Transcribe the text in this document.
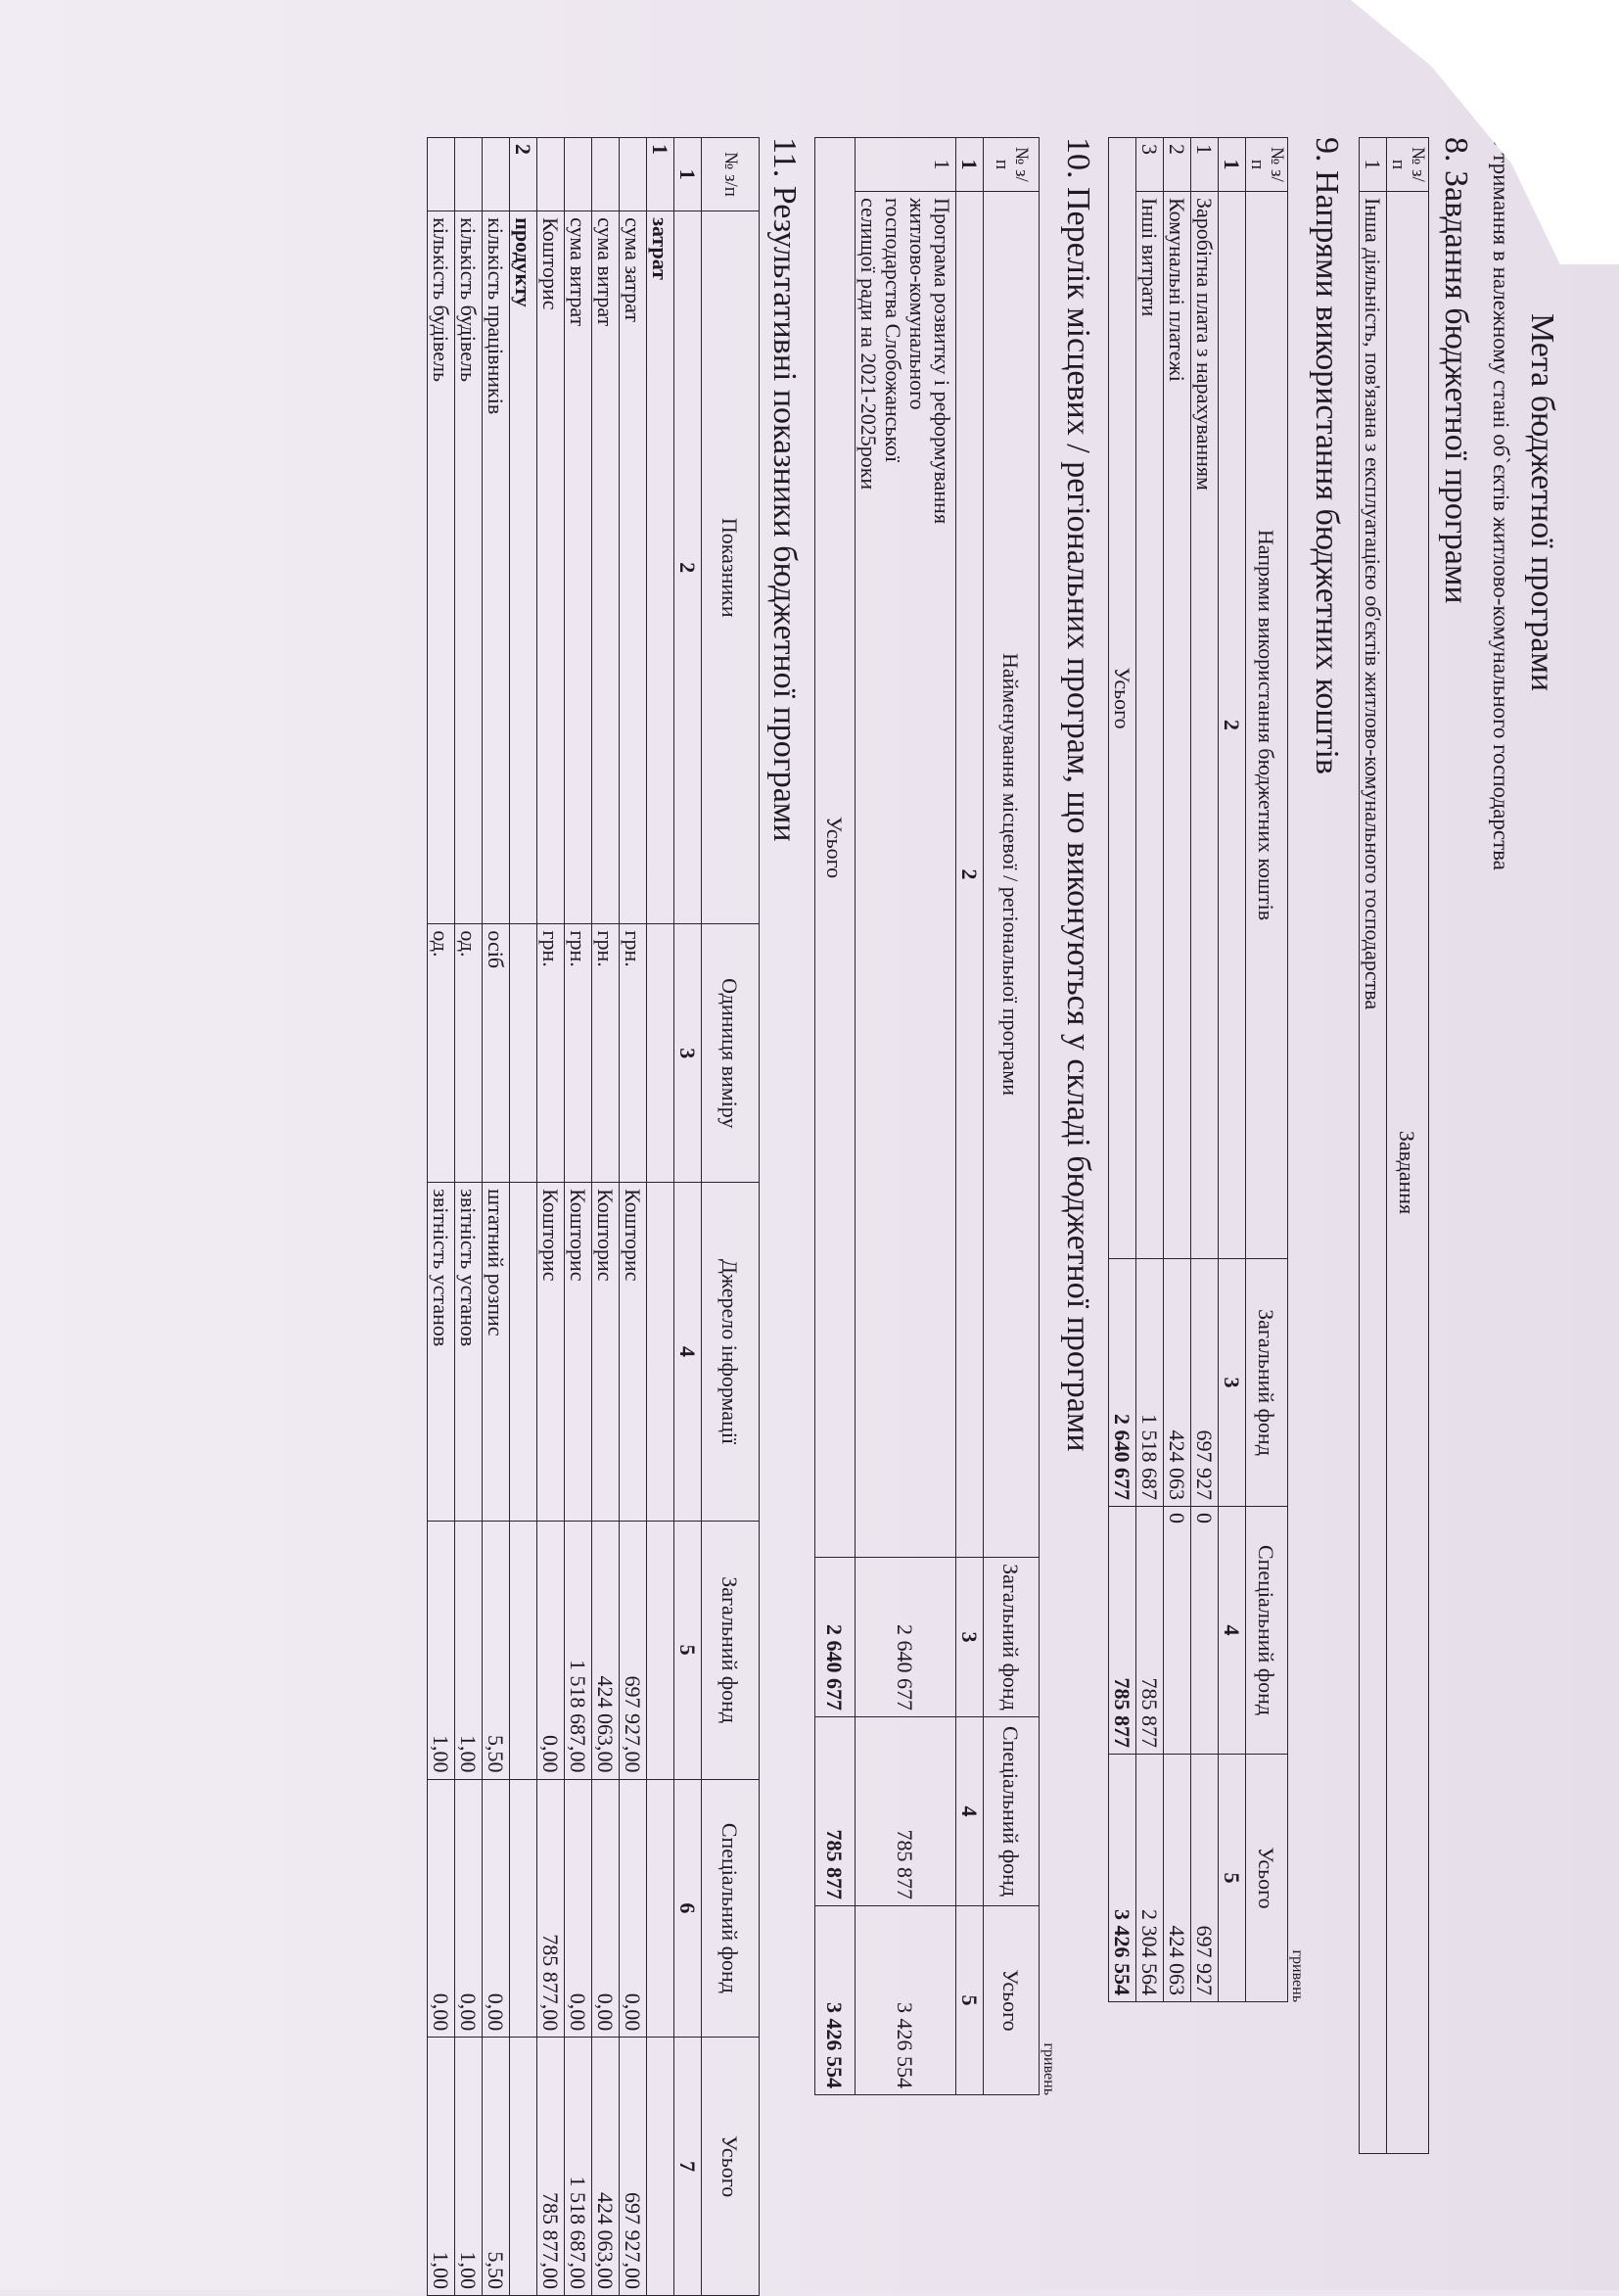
Мета бюджетної програми

Утримання в належному стані об`єктів житлово-комунального господарства

8. Завдання бюджетної програми

№ з/п	Завдання
1	Інша діяльність, пов'язана з експлуатацією об'єктів житлово-комунального господарства

9. Напрями використання бюджетних коштів

гривень
№ з/п	Напрями використання бюджетних коштів	Загальний фонд	Спеціальний фонд	Усього
1	2	3	4	5
1	Заробітна плата з нарахуванням	697 927	0	697 927
2	Комунальні платежі	424 063	0	424 063
3	Інші витрати	1 518 687	785 877	2 304 564
Усього		2 640 677	785 877	3 426 554

10. Перелік місцевих / регіональних програм, що виконуються у складі бюджетної програми

гривень
№ з/п	Найменування місцевої / регіональної програми	Загальний фонд	Спеціальний фонд	Усього
1	2	3	4	5
1	Програма розвитку і реформування житлово-комунального господарства Слобожанської селищої ради на 2021-2025роки	2 640 677	785 877	3 426 554
Усього		2 640 677	785 877	3 426 554

11. Результативні показники бюджетної програми

№ з/п	Показники	Одиниця виміру	Джерело інформації	Загальний фонд	Спеціальний фонд	Усього
1	2	3	4	5	6	7
1	затрат					
	сума затрат	грн.	Кошторис	697 927,00	0,00	697 927,00
	сума витрат	грн.	Кошторис	424 063,00	0,00	424 063,00
	сума витрат	грн.	Кошторис	1 518 687,00	0,00	1 518 687,00
	Кошторис	грн.	Кошторис	0,00	785 877,00	785 877,00
2	продукту					
	кількість працівників	осіб	штатний розпис	5,50	0,00	5,50
	кількість будівель	од.	звітність установ	1,00	0,00	1,00
	кількість будівель	од.	звітність установ	1,00	0,00	1,00
